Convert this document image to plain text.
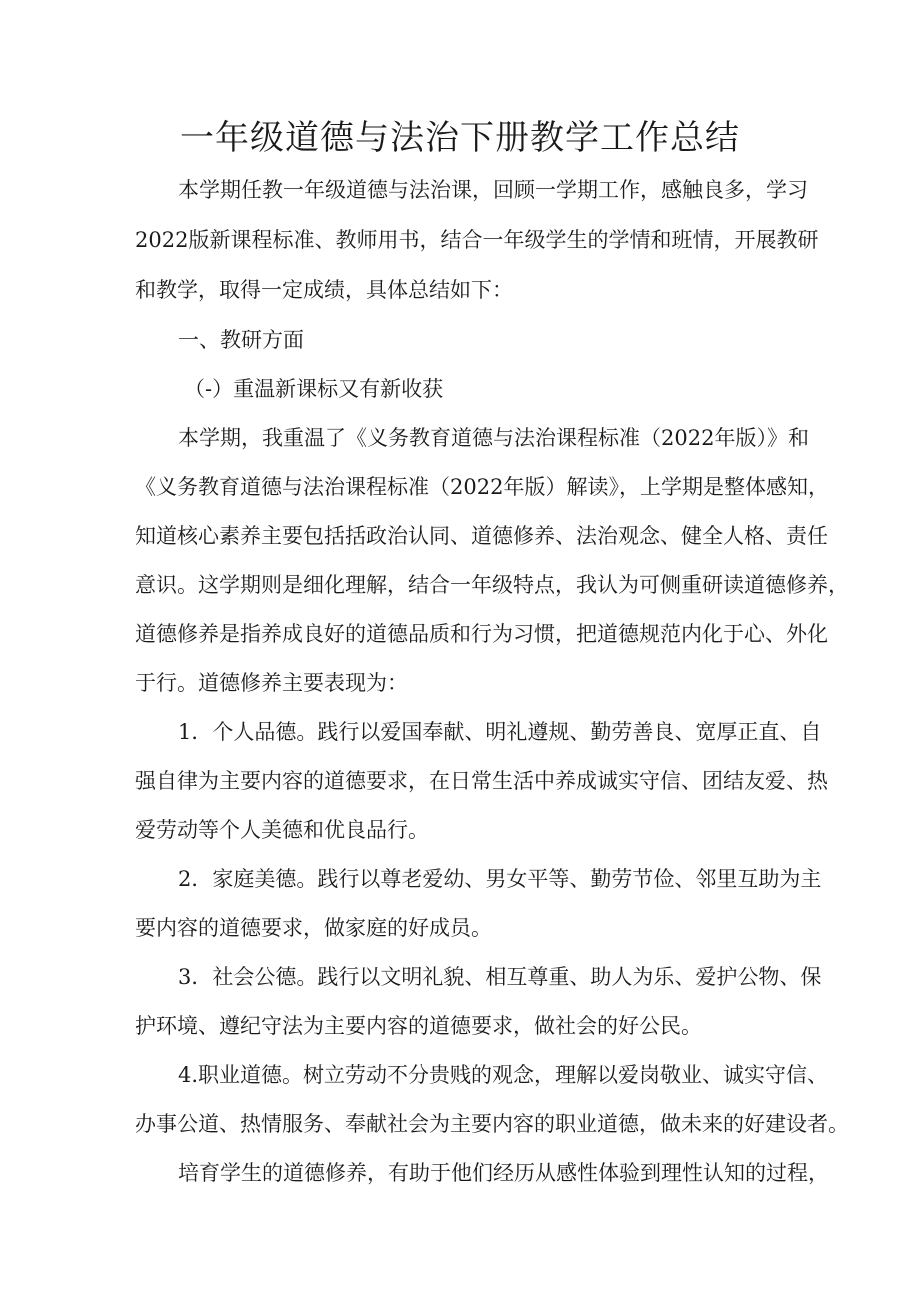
一年级道德与法治下册教学工作总结
本学期任教一年级道德与法治课，回顾一学期工作，感触良多，学习
2022版新课程标准、教师用书，结合一年级学生的学情和班情，开展教研
和教学，取得一定成绩，具体总结如下：
一、教研方面
（-）重温新课标又有新收获
本学期，我重温了《义务教育道德与法治课程标准（2022年版）》和
《义务教育道德与法治课程标准（2022年版）解读》，上学期是整体感知，
知道核心素养主要包括括政治认同、道德修养、法治观念、健全人格、责任
意识。这学期则是细化理解，结合一年级特点，我认为可侧重研读道德修养，
道德修养是指养成良好的道德品质和行为习惯，把道德规范内化于心、外化
于行。道德修养主要表现为：
1．个人品德。践行以爱国奉献、明礼遵规、勤劳善良、宽厚正直、自
强自律为主要内容的道德要求，在日常生活中养成诚实守信、团结友爱、热
爱劳动等个人美德和优良品行。
2．家庭美德。践行以尊老爱幼、男女平等、勤劳节俭、邻里互助为主
要内容的道德要求，做家庭的好成员。
3．社会公德。践行以文明礼貌、相互尊重、助人为乐、爱护公物、保
护环境、遵纪守法为主要内容的道德要求，做社会的好公民。
4.职业道德。树立劳动不分贵贱的观念，理解以爱岗敬业、诚实守信、
办事公道、热情服务、奉献社会为主要内容的职业道德，做未来的好建设者。
培育学生的道德修养，有助于他们经历从感性体验到理性认知的过程，
